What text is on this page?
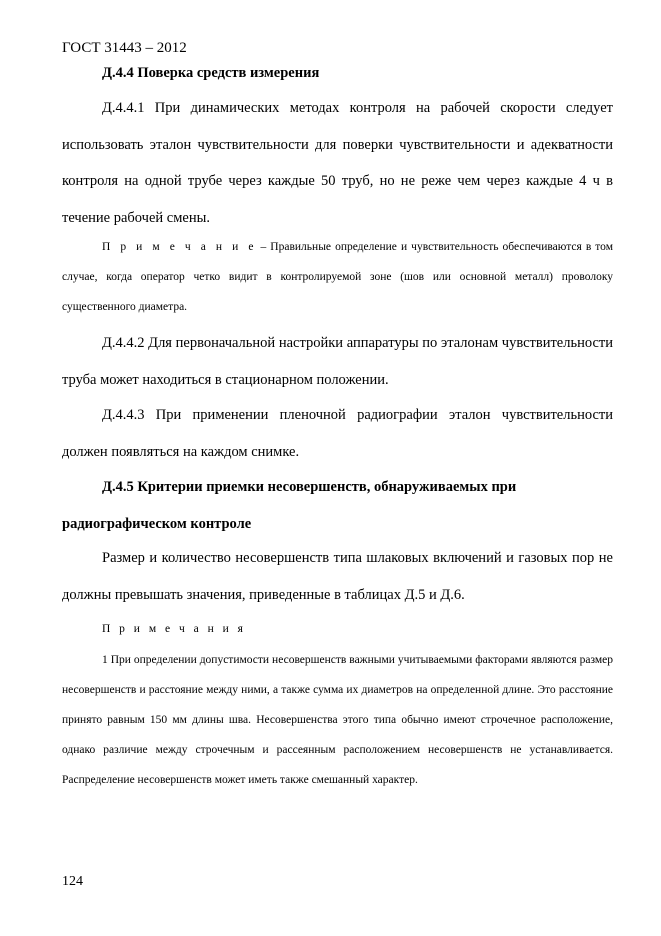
ГОСТ 31443 – 2012

Д.4.4 Поверка средств измерения

Д.4.4.1 При динамических методах контроля на рабочей скорости следует использовать эталон чувствительности для поверки чувствительности и адекватности контроля на одной трубе через каждые 50 труб, но не реже чем через каждые 4 ч в течение рабочей смены.

П р и м е ч а н и е – Правильные определение и чувствительность обеспечиваются в том случае, когда оператор четко видит в контролируемой зоне (шов или основной металл) проволоку существенного диаметра.

Д.4.4.2 Для первоначальной настройки аппаратуры по эталонам чувствительности труба может находиться в стационарном положении.

Д.4.4.3 При применении пленочной радиографии эталон чувствительности должен появляться на каждом снимке.

Д.4.5 Критерии приемки несовершенств, обнаруживаемых при радиографическом контроле

Размер и количество несовершенств типа шлаковых включений и газовых пор не должны превышать значения, приведенные в таблицах Д.5 и Д.6.

П р и м е ч а н и я

1 При определении допустимости несовершенств важными учитываемыми факторами являются размер несовершенств и расстояние между ними, а также сумма их диаметров на определенной длине. Это расстояние принято равным 150 мм длины шва. Несовершенства этого типа обычно имеют строчечное расположение, однако различие между строчечным и рассеянным расположением несовершенств не устанавливается. Распределение несовершенств может иметь также смешанный характер.

124
